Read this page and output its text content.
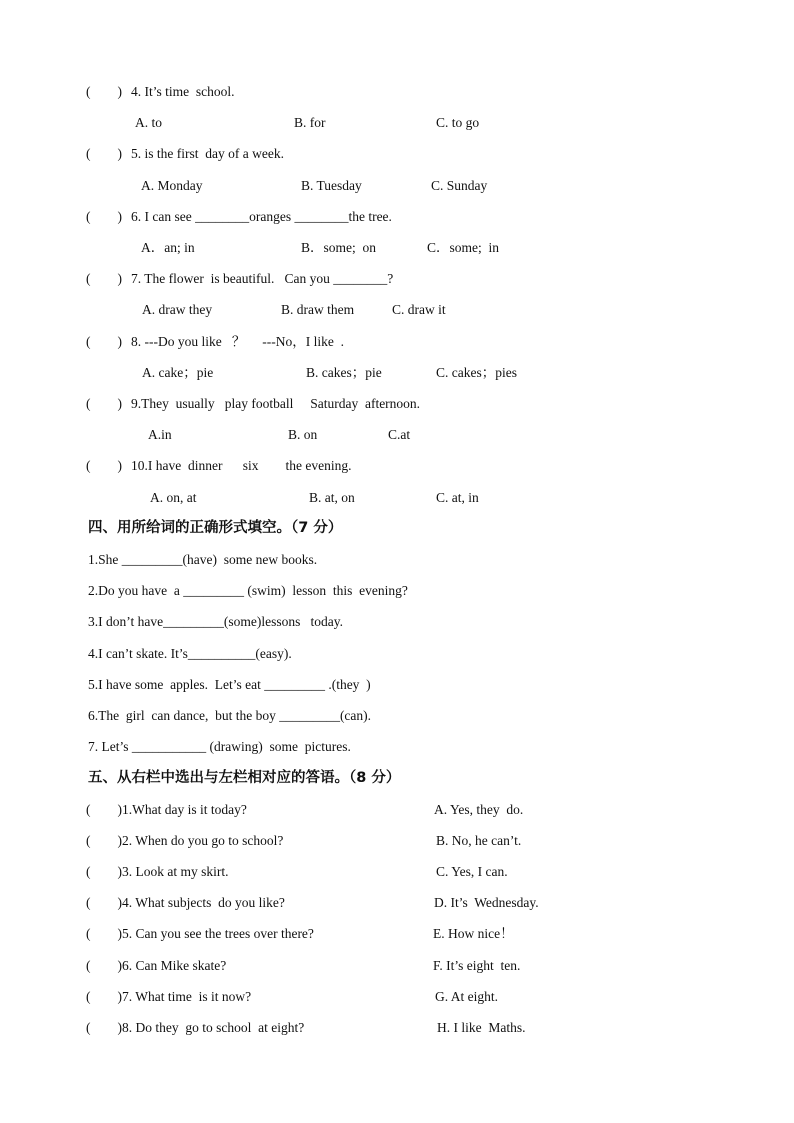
(        ) 4. It’s time  school.
A. to	B. for	C. to go
(        ) 5. is the first  day of a week.
A. Monday	B. Tuesday	C. Sunday
(        ) 6. I can see ________oranges ________the tree.
A．an; in	B．some;  on	C．some;  in
(        ) 7. The flower  is beautiful.   Can you ________?
A. draw they	B. draw them	C. draw it
(        ) 8. ---Do you like   ？     ---No，I like  .
A. cake；pie	B. cakes；pie	C. cakes；pies
(        ) 9.They  usually   play football     Saturday  afternoon.
A.in	B. on	C.at
(        ) 10.I have  dinner      six        the evening.
A. on, at	B. at, on	C. at, in
四、用所给词的正确形式填空。（7 分）
1.She _________(have)  some new books.
2.Do you have  a _________ (swim)  lesson  this  evening?
3.I don’t have_________(some)lessons   today.
4.I can’t skate. It’s__________(easy).
5.I have some  apples.  Let’s eat _________ .(they  )
6.The  girl  can dance,  but the boy _________(can).
7. Let’s ___________ (drawing)  some  pictures.
五、从右栏中选出与左栏相对应的答语。（8 分）
(        ) 1.What day is it today?	A. Yes, they  do.
(        ) 2. When do you go to school?	B. No, he can’t.
(        ) 3. Look at my skirt.	C. Yes, I can.
(        ) 4. What subjects  do you like?	D. It’s  Wednesday.
(        ) 5. Can you see the trees over there?	E. How nice！
(        ) 6. Can Mike skate?	F. It’s eight  ten.
(        ) 7. What time  is it now?	G. At eight.
(        ) 8. Do they  go to school  at eight?	H. I like  Maths.
